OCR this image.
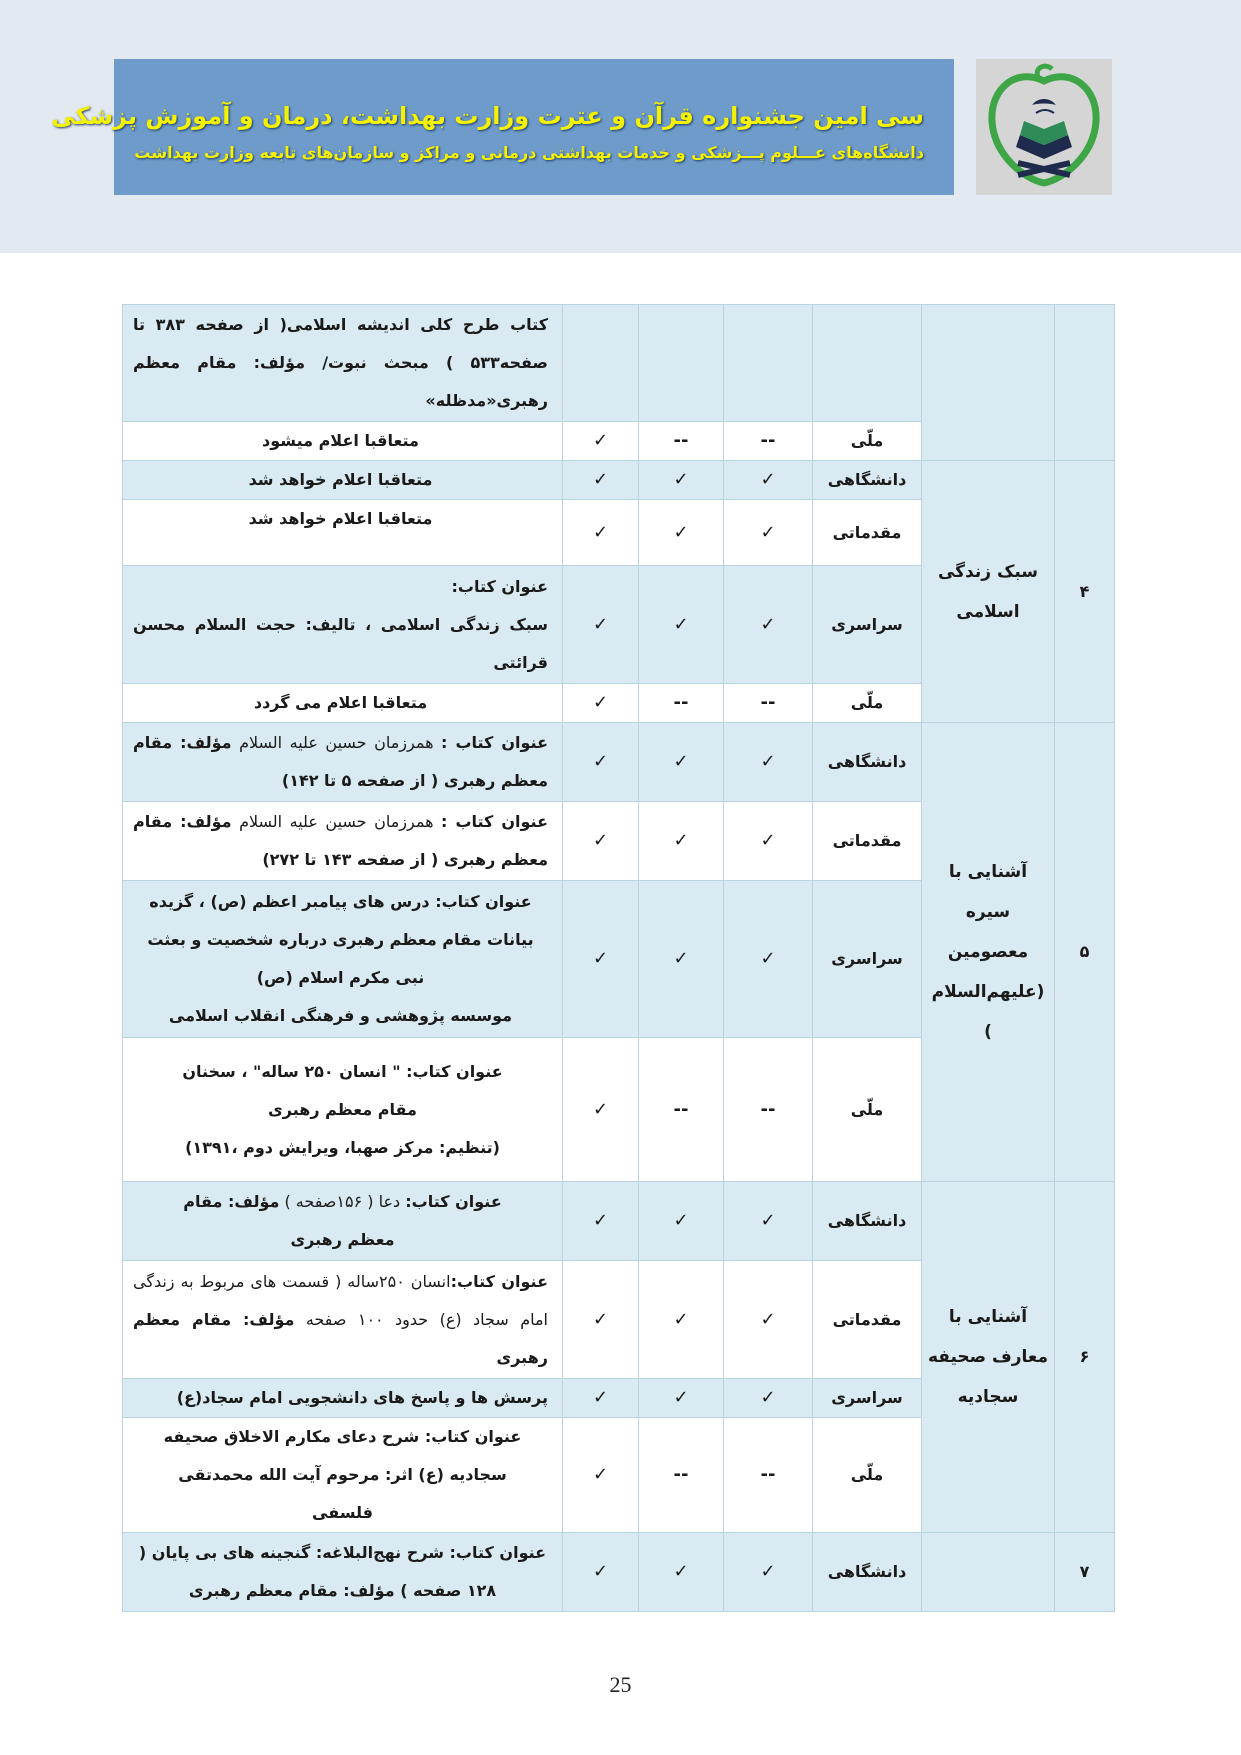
سی امین جشنواره قرآن و عترت وزارت بهداشت، درمان و آموزش پزشکی
دانشگاه‌های عـــلوم پـــزشکی و خدمات بهداشتی درمانی و مراکز و سازمان‌های تابعه وزارت بهداشت

						کتاب طرح کلی اندیشه اسلامی( از صفحه ۳۸۳ تا صفحه۵۳۳ ) مبحث نبوت/ مؤلف: مقام معظم رهبری«مدظله»

		ملّی	--	--	✓	متعاقبا اعلام میشود
۴	سبک زندگی اسلامی	دانشگاهی	✓	✓	✓	متعاقبا اعلام خواهد شد
		مقدماتی	✓	✓	✓	متعاقبا اعلام خواهد شد
		سراسری	✓	✓	✓	عنوان کتاب:
سبک زندگی اسلامی ، تالیف: حجت السلام محسن قرائتی

		ملّی	--	--	✓	متعاقبا اعلام می گردد
۵	آشنایی با سیره معصومین (علیهم‌السلام )	دانشگاهی	✓	✓	✓	عنوان کتاب : همرزمان حسین علیه السلام مؤلف: مقام معظم رهبری ( از صفحه ۵ تا ۱۴۲)
		مقدماتی	✓	✓	✓	عنوان کتاب : همرزمان حسین علیه السلام مؤلف: مقام معظم رهبری ( از صفحه ۱۴۳ تا ۲۷۲)
		سراسری	✓	✓	✓	عنوان کتاب: درس های پیامبر اعظم (ص) ، گزیده بیانات مقام معظم رهبری درباره شخصیت و بعثت نبی مکرم اسلام (ص)
موسسه پژوهشی و فرهنگی انقلاب اسلامی

		ملّی	--	--	✓	عنوان کتاب: " انسان ۲۵۰ ساله" ، سخنان مقام معظم رهبری
(تنظیم: مرکز صهبا، ویرایش دوم ،۱۳۹۱)

۶	آشنایی با معارف صحیفه سجادیه	دانشگاهی	✓	✓	✓	عنوان کتاب: دعا ( ۱۵۶صفحه ) مؤلف: مقام معظم رهبری
		مقدماتی	✓	✓	✓	عنوان کتاب:انسان ۲۵۰ساله ( قسمت های مربوط به زندگی امام سجاد (ع) حدود ۱۰۰ صفحه مؤلف: مقام معظم رهبری
		سراسری	✓	✓	✓	پرسش ها و پاسخ های دانشجویی امام سجاد(ع)
		ملّی	--	--	✓	عنوان کتاب: شرح دعای مکارم الاخلاق صحیفه سجادیه (ع) اثر: مرحوم آیت الله محمدتقی فلسفی
۷		دانشگاهی	✓	✓	✓	عنوان کتاب: شرح نهج‌البلاغه: گنجینه های بی پایان ( ۱۲۸ صفحه ) مؤلف: مقام معظم رهبری
25
